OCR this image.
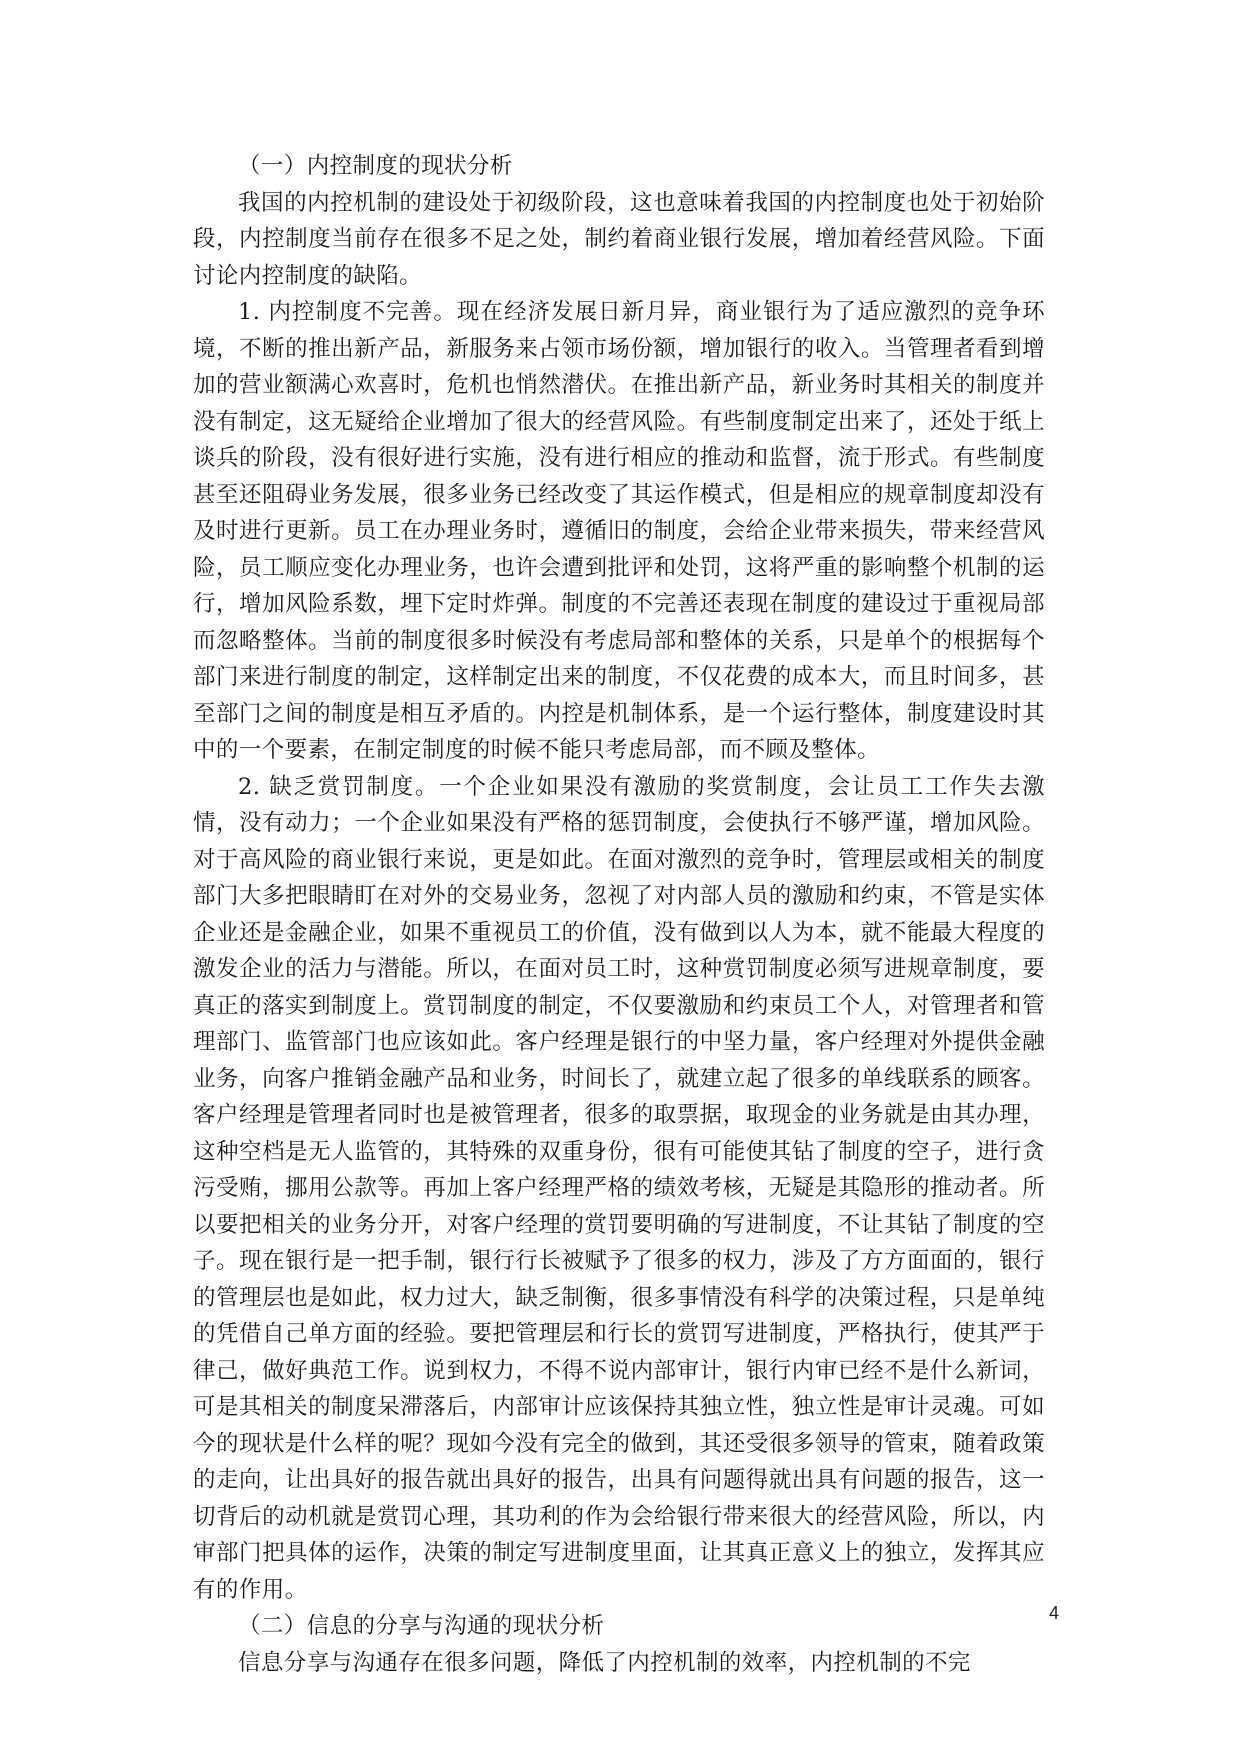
（一）内控制度的现状分析

我国的内控机制的建设处于初级阶段，这也意味着我国的内控制度也处于初始阶段，内控制度当前存在很多不足之处，制约着商业银行发展，增加着经营风险。下面讨论内控制度的缺陷。

1. 内控制度不完善。现在经济发展日新月异，商业银行为了适应激烈的竞争环境，不断的推出新产品，新服务来占领市场份额，增加银行的收入。当管理者看到增加的营业额满心欢喜时，危机也悄然潜伏。在推出新产品，新业务时其相关的制度并没有制定，这无疑给企业增加了很大的经营风险。有些制度制定出来了，还处于纸上谈兵的阶段，没有很好进行实施，没有进行相应的推动和监督，流于形式。有些制度甚至还阻碍业务发展，很多业务已经改变了其运作模式，但是相应的规章制度却没有及时进行更新。员工在办理业务时，遵循旧的制度，会给企业带来损失，带来经营风险，员工顺应变化办理业务，也许会遭到批评和处罚，这将严重的影响整个机制的运行，增加风险系数，埋下定时炸弹。制度的不完善还表现在制度的建设过于重视局部而忽略整体。当前的制度很多时候没有考虑局部和整体的关系，只是单个的根据每个部门来进行制度的制定，这样制定出来的制度，不仅花费的成本大，而且时间多，甚至部门之间的制度是相互矛盾的。内控是机制体系，是一个运行整体，制度建设时其中的一个要素，在制定制度的时候不能只考虑局部，而不顾及整体。

2. 缺乏赏罚制度。一个企业如果没有激励的奖赏制度，会让员工工作失去激情，没有动力；一个企业如果没有严格的惩罚制度，会使执行不够严谨，增加风险。对于高风险的商业银行来说，更是如此。在面对激烈的竞争时，管理层或相关的制度部门大多把眼睛盯在对外的交易业务，忽视了对内部人员的激励和约束，不管是实体企业还是金融企业，如果不重视员工的价值，没有做到以人为本，就不能最大程度的激发企业的活力与潜能。所以，在面对员工时，这种赏罚制度必须写进规章制度，要真正的落实到制度上。赏罚制度的制定，不仅要激励和约束员工个人，对管理者和管理部门、监管部门也应该如此。客户经理是银行的中坚力量，客户经理对外提供金融业务，向客户推销金融产品和业务，时间长了，就建立起了很多的单线联系的顾客。客户经理是管理者同时也是被管理者，很多的取票据，取现金的业务就是由其办理，这种空档是无人监管的，其特殊的双重身份，很有可能使其钻了制度的空子，进行贪污受贿，挪用公款等。再加上客户经理严格的绩效考核，无疑是其隐形的推动者。所以要把相关的业务分开，对客户经理的赏罚要明确的写进制度，不让其钻了制度的空子。现在银行是一把手制，银行行长被赋予了很多的权力，涉及了方方面面的，银行的管理层也是如此，权力过大，缺乏制衡，很多事情没有科学的决策过程，只是单纯的凭借自己单方面的经验。要把管理层和行长的赏罚写进制度，严格执行，使其严于律己，做好典范工作。说到权力，不得不说内部审计，银行内审已经不是什么新词，可是其相关的制度呆滞落后，内部审计应该保持其独立性，独立性是审计灵魂。可如今的现状是什么样的呢？现如今没有完全的做到，其还受很多领导的管束，随着政策的走向，让出具好的报告就出具好的报告，出具有问题得就出具有问题的报告，这一切背后的动机就是赏罚心理，其功利的作为会给银行带来很大的经营风险，所以，内审部门把具体的运作，决策的制定写进制度里面，让其真正意义上的独立，发挥其应有的作用。

（二）信息的分享与沟通的现状分析

信息分享与沟通存在很多问题，降低了内控机制的效率，内控机制的不完

4
